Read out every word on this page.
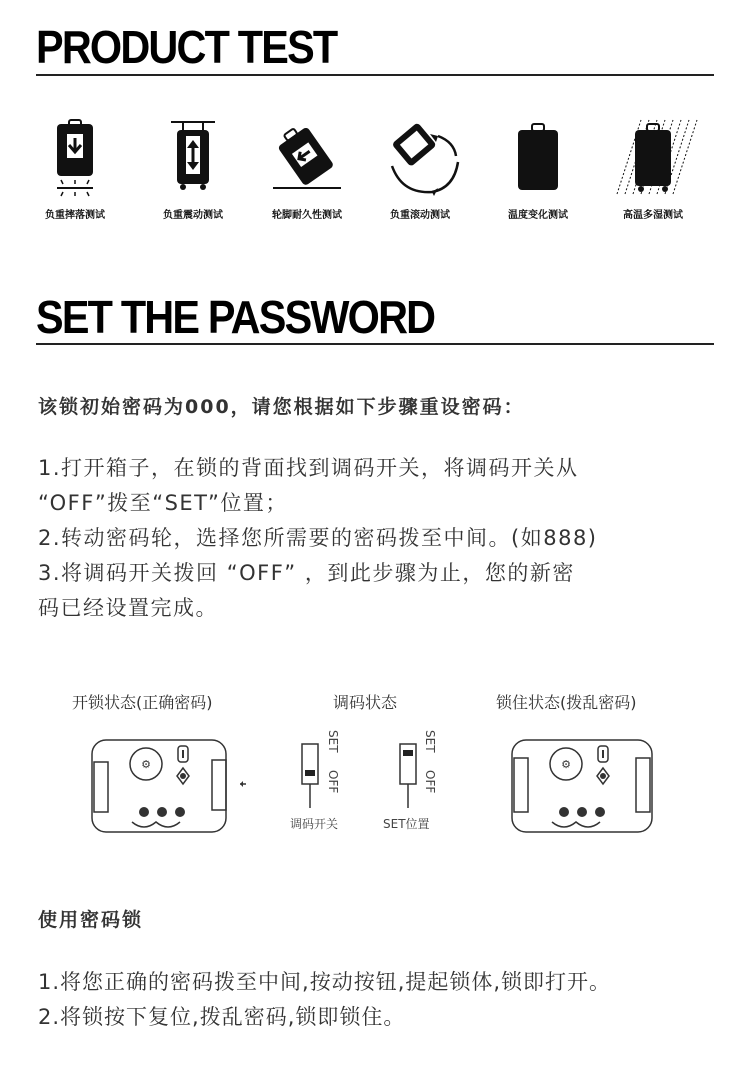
PRODUCT TEST
负重摔落测试	负重震动测试	轮脚耐久性测试	负重滚动测试	温度变化测试	高温多湿测试
SET THE PASSWORD
该锁初始密码为000，请您根据如下步骤重设密码：
1.打开箱子，在锁的背面找到调码开关，将调码开关从
“OFF”拨至“SET”位置；
2.转动密码轮，选择您所需要的密码拨至中间。(如888)
3.将调码开关拨回 “OFF” ，到此步骤为止，您的新密
码已经设置完成。
开锁状态(正确密码)	调码状态	锁住状态(拨乱密码)
⚙
SET
OFF
调码开关
SET
OFF
SET位置
⚙
使用密码锁
1.将您正确的密码拨至中间,按动按钮,提起锁体,锁即打开。
2.将锁按下复位,拨乱密码,锁即锁住。
